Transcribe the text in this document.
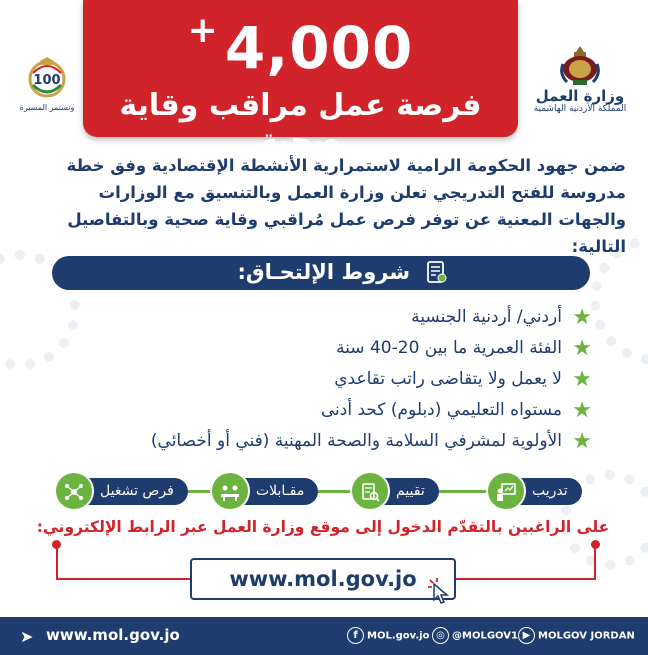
وزارة العمل
المملكة الأردنية الهاشمية
100
ونستمر المسيرة
+ 4,000
فرصة عمل مراقب وقاية صحية
ضمن جهود الحكومة الرامية لاستمرارية الأنشطة الإقتصادية وفق خطة مدروسة للفتح التدريجي تعلن وزارة العمل وبالتنسيق مع الوزارات والجهات المعنية عن توفر فرص عمل مُراقبي وقاية صحية وبالتفاصيل التالية:
شروط الإلتحـاق:
★
أردني/ أردنية الجنسية
★
الفئة العمرية ما بين 20-40 سنة
★
لا يعمل ولا يتقاضى راتب تقاعدي
★
مستواه التعليمي (دبلوم) كحد أدنى
★
الأولوية لمشرفي السلامة والصحة المهنية (فني أو أخصائي)
فرص تشغيل	مقـابلات	تقييم	تدريب
على الراغبين بالتقدّم الدخول إلى موقع وزارة العمل عبر الرابط الإلكتروني:
www.mol.gov.jo
➤ www.mol.gov.jo	f MOL.gov.jo ◎ @MOLGOV1 ▶ MOLGOV JORDAN
